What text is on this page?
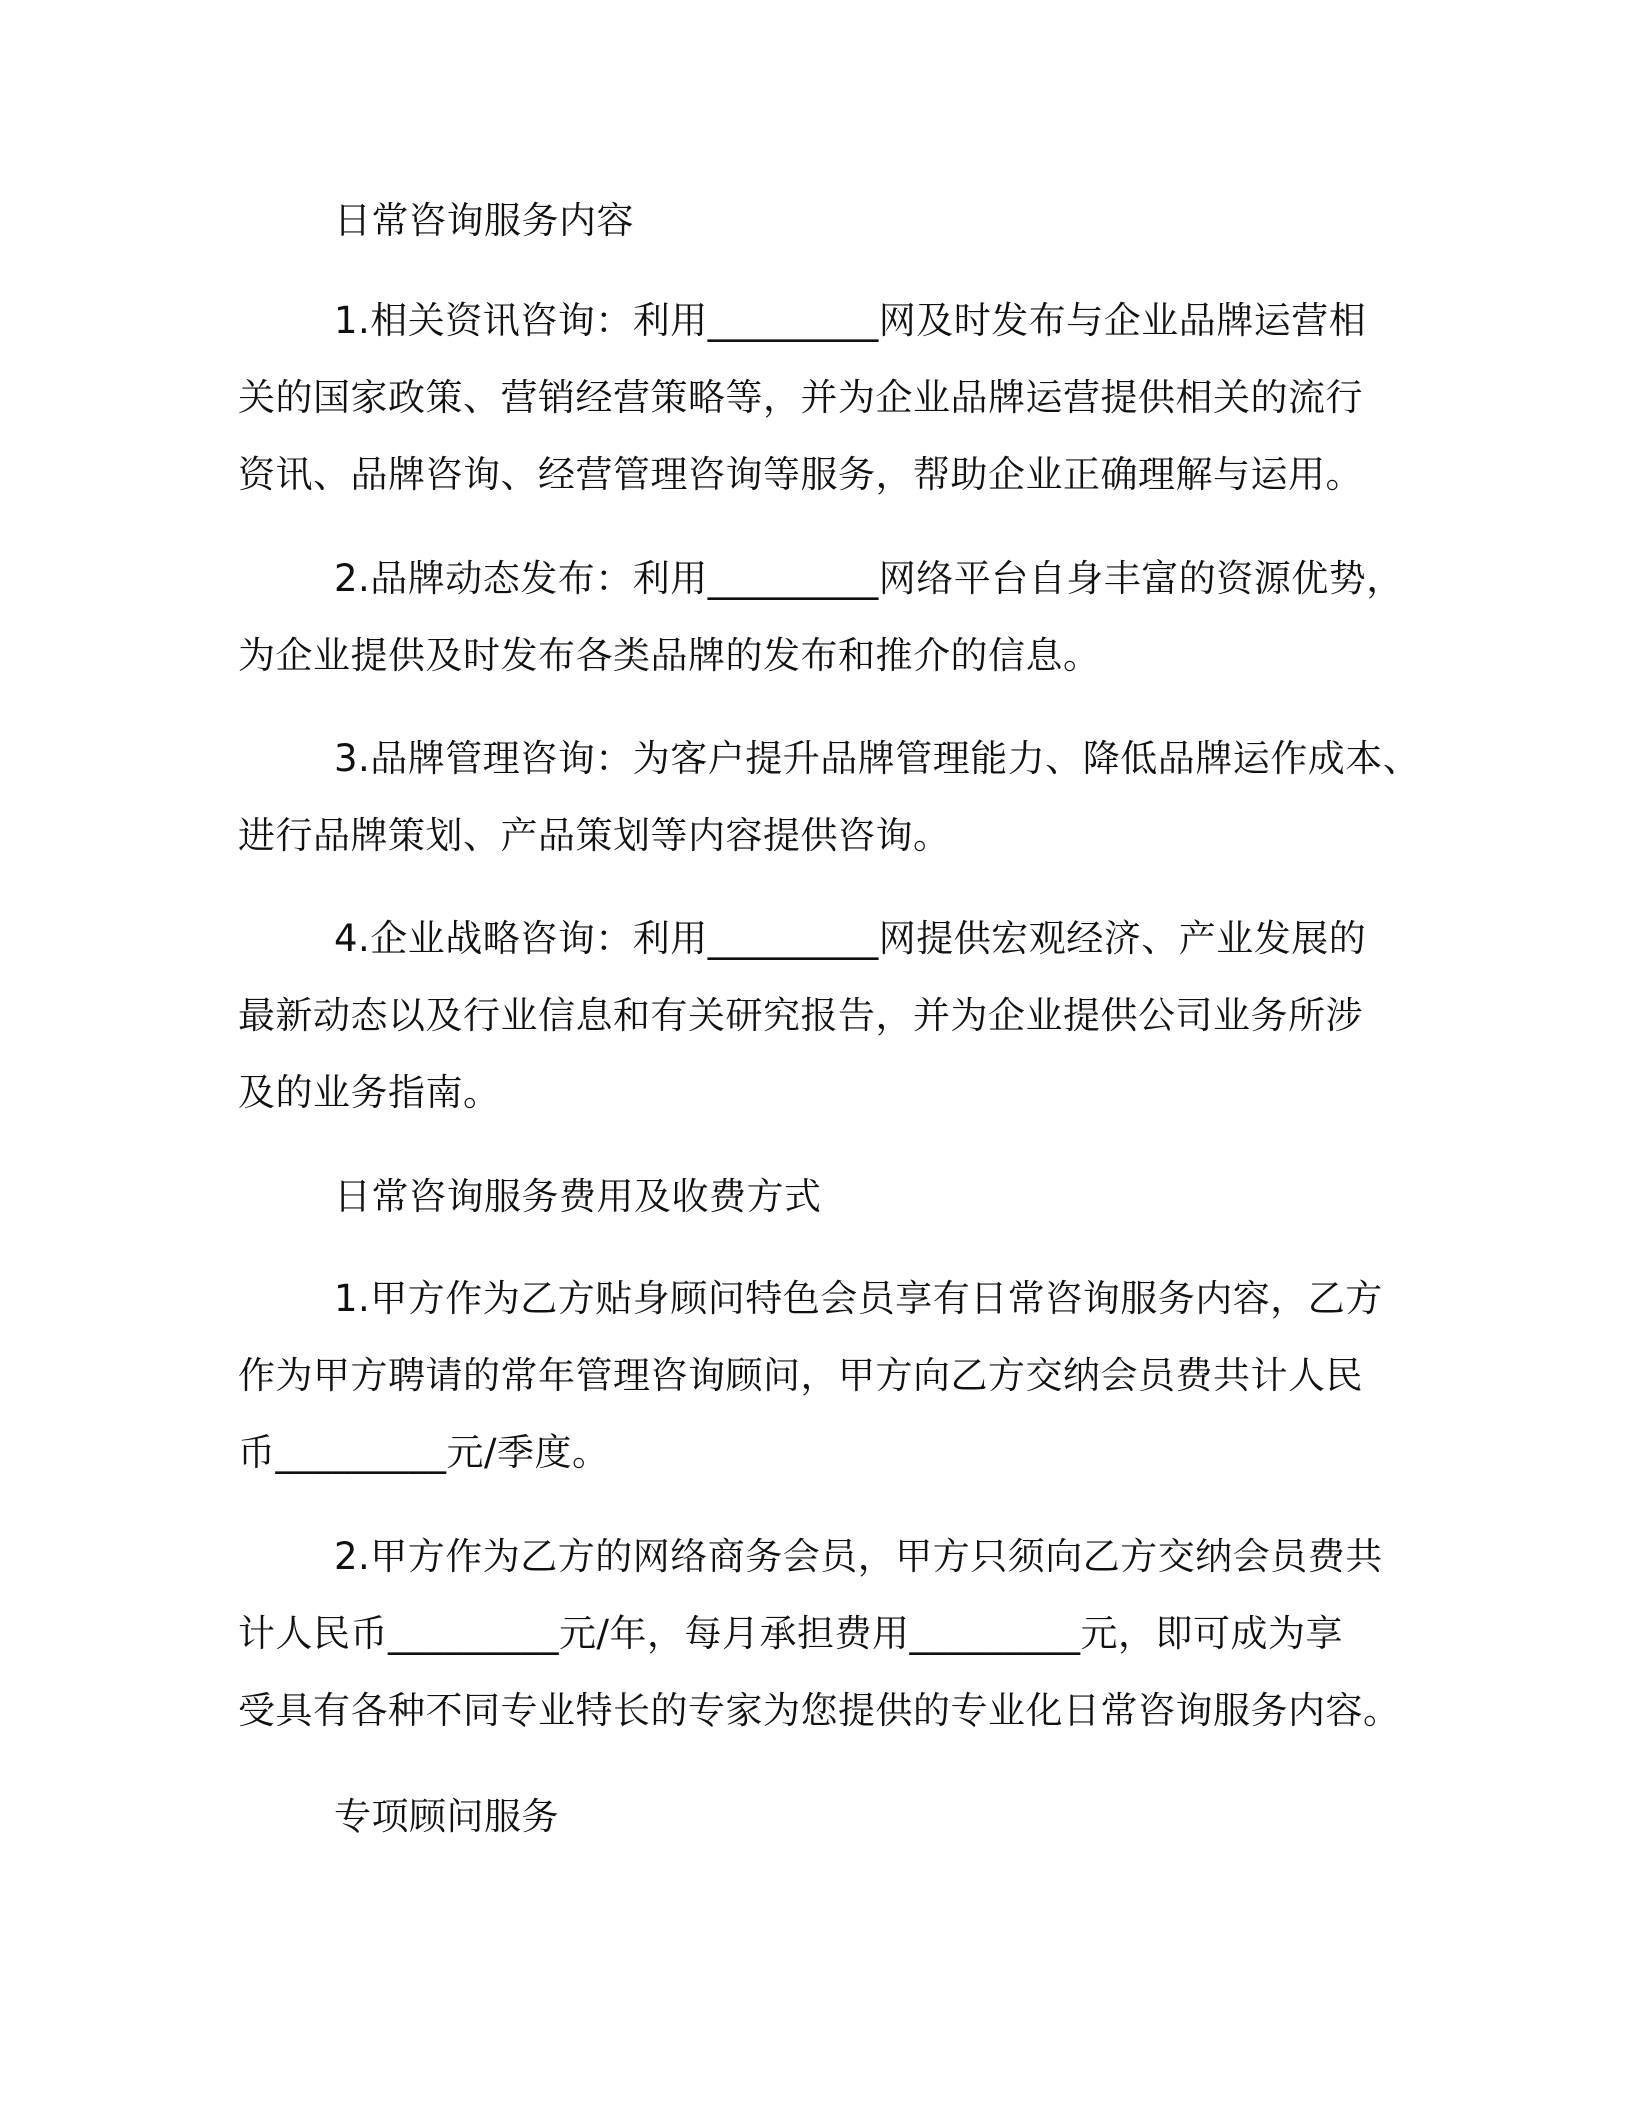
日常咨询服务内容
1.相关资讯咨询：利用_________网及时发布与企业品牌运营相
关的国家政策、营销经营策略等，并为企业品牌运营提供相关的流行
资讯、品牌咨询、经营管理咨询等服务，帮助企业正确理解与运用。
2.品牌动态发布：利用_________网络平台自身丰富的资源优势，
为企业提供及时发布各类品牌的发布和推介的信息。
3.品牌管理咨询：为客户提升品牌管理能力、降低品牌运作成本、
进行品牌策划、产品策划等内容提供咨询。
4.企业战略咨询：利用_________网提供宏观经济、产业发展的
最新动态以及行业信息和有关研究报告，并为企业提供公司业务所涉
及的业务指南。
日常咨询服务费用及收费方式
1.甲方作为乙方贴身顾问特色会员享有日常咨询服务内容，乙方
作为甲方聘请的常年管理咨询顾问，甲方向乙方交纳会员费共计人民
币_________元/季度。
2.甲方作为乙方的网络商务会员，甲方只须向乙方交纳会员费共
计人民币_________元/年，每月承担费用_________元，即可成为享
受具有各种不同专业特长的专家为您提供的专业化日常咨询服务内容。
专项顾问服务
